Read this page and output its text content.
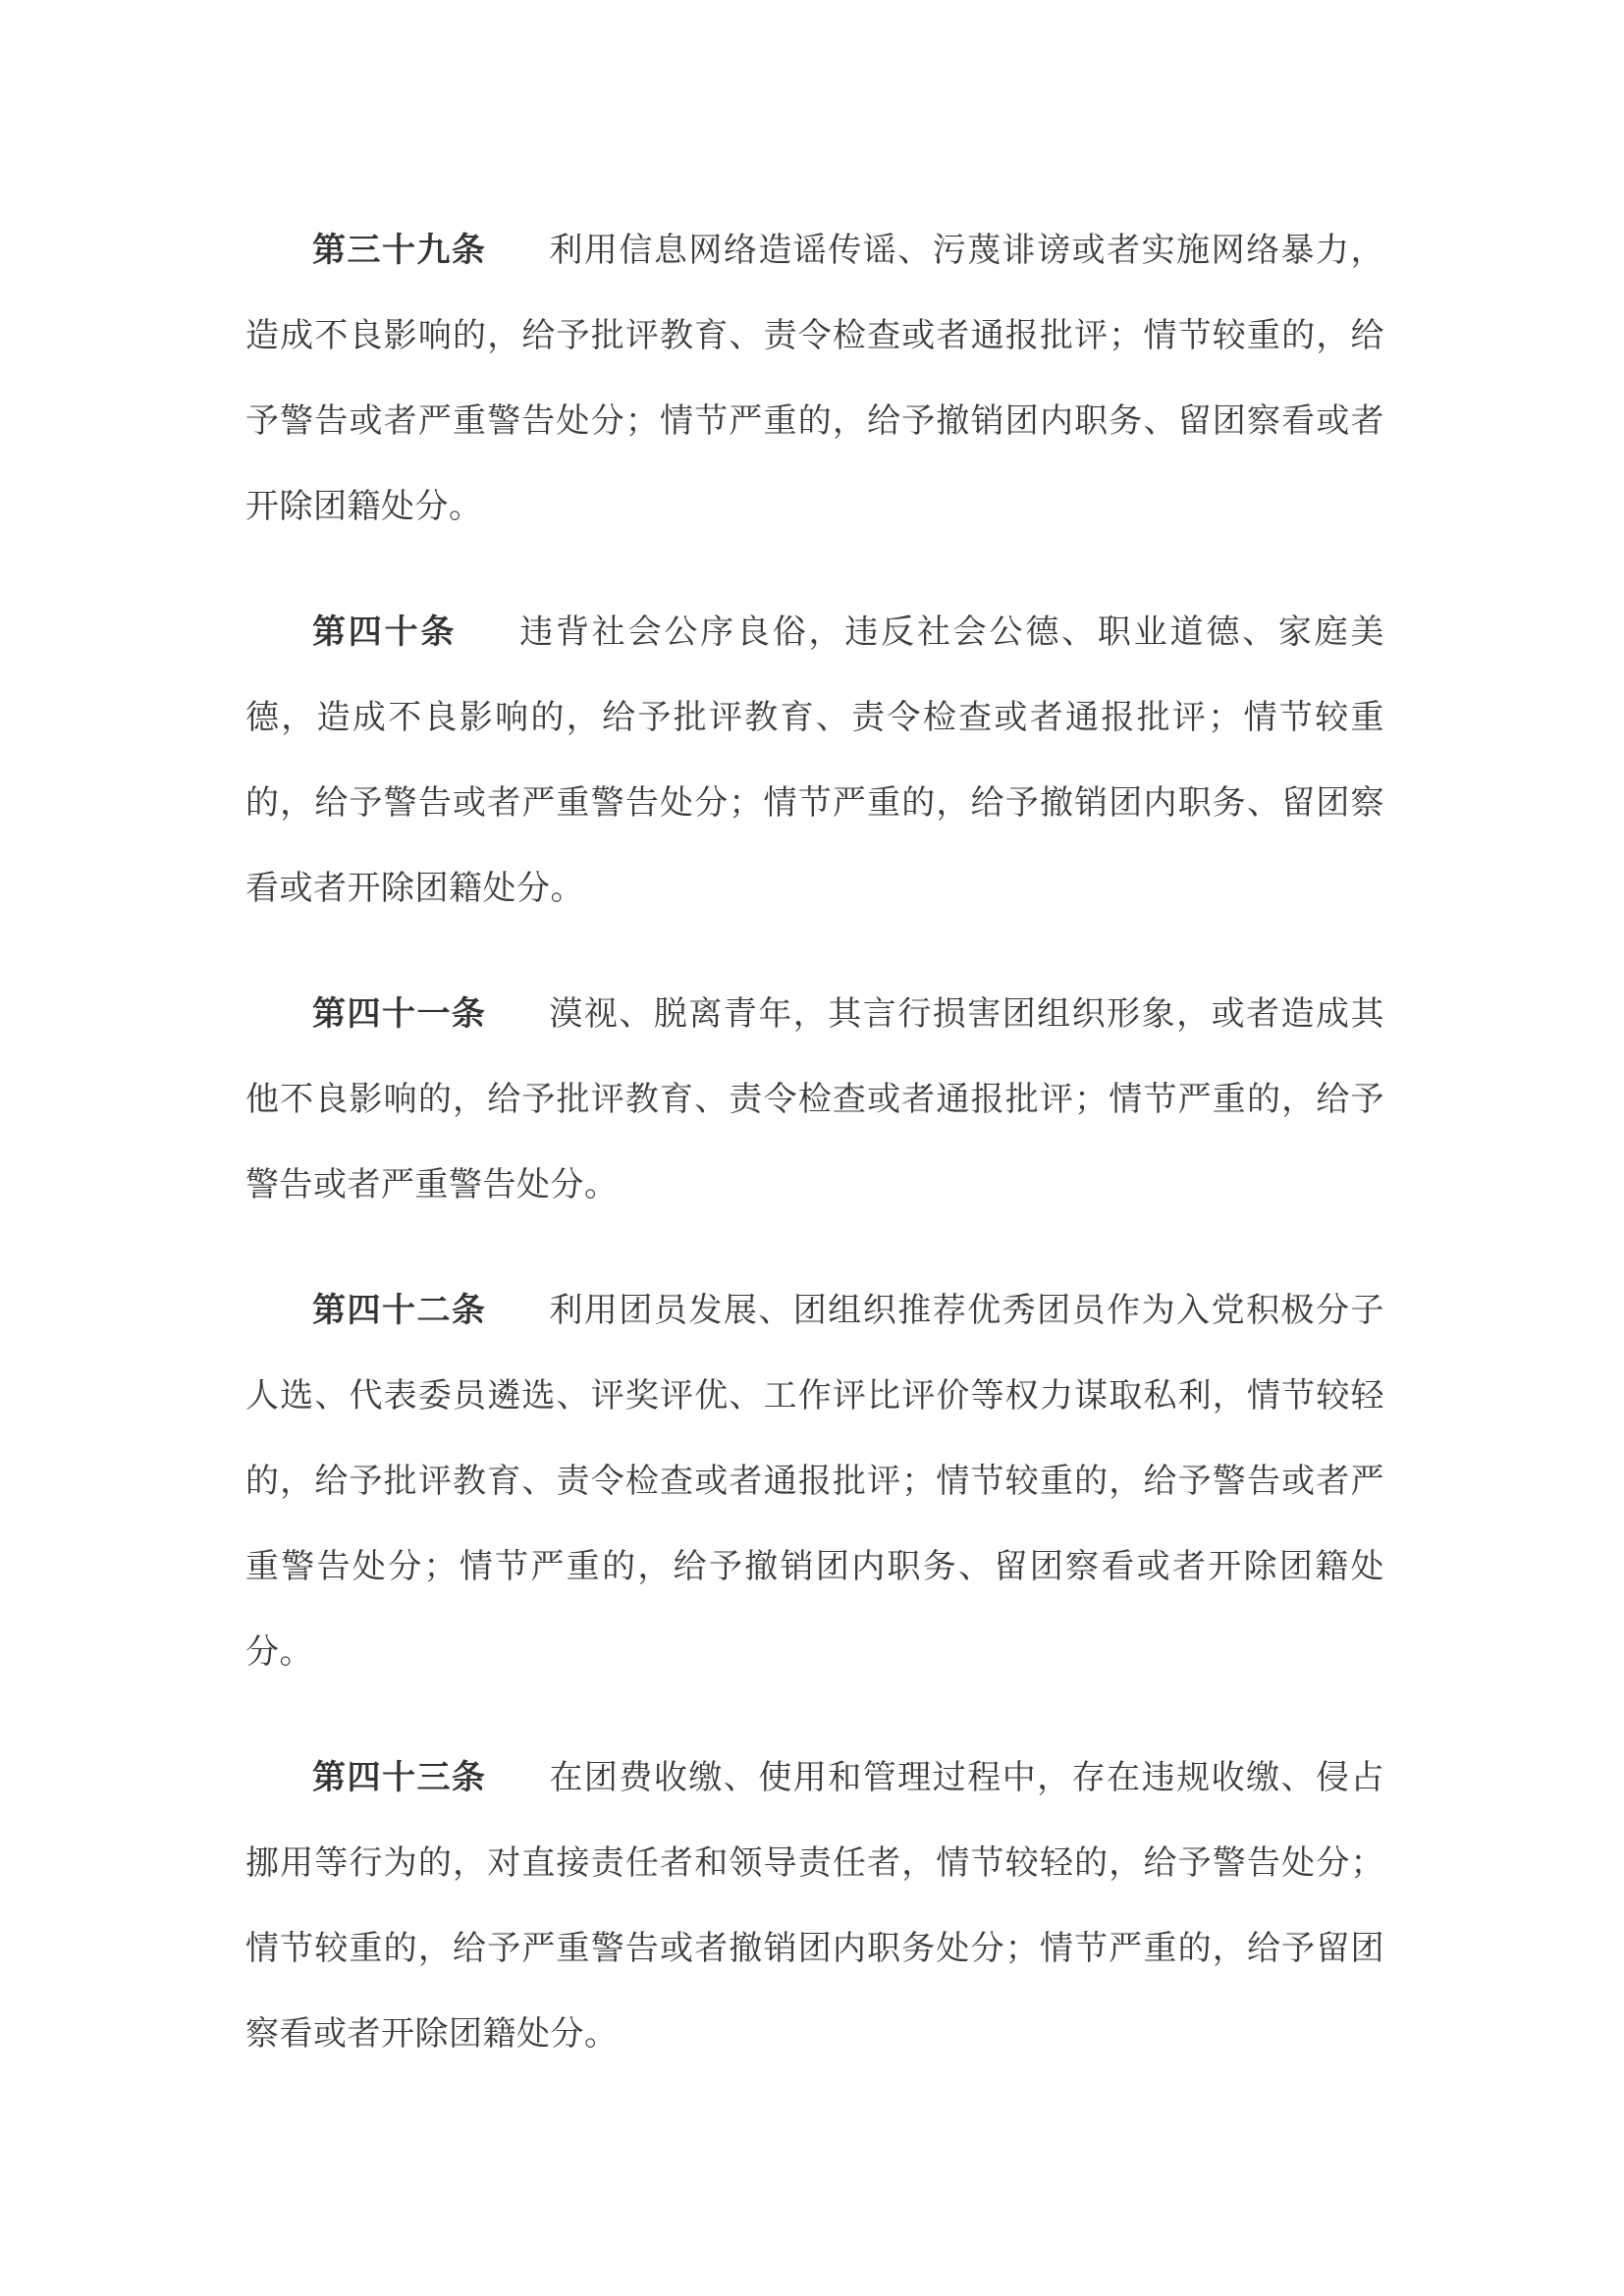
第三十九条 利用信息网络造谣传谣、污蔑诽谤或者实施网络暴力，造成不良影响的，给予批评教育、责令检查或者通报批评；情节较重的，给予警告或者严重警告处分；情节严重的，给予撤销团内职务、留团察看或者开除团籍处分。

第四十条 违背社会公序良俗，违反社会公德、职业道德、家庭美德，造成不良影响的，给予批评教育、责令检查或者通报批评；情节较重的，给予警告或者严重警告处分；情节严重的，给予撤销团内职务、留团察看或者开除团籍处分。

第四十一条 漠视、脱离青年，其言行损害团组织形象，或者造成其他不良影响的，给予批评教育、责令检查或者通报批评；情节严重的，给予警告或者严重警告处分。

第四十二条 利用团员发展、团组织推荐优秀团员作为入党积极分子人选、代表委员遴选、评奖评优、工作评比评价等权力谋取私利，情节较轻的，给予批评教育、责令检查或者通报批评；情节较重的，给予警告或者严重警告处分；情节严重的，给予撤销团内职务、留团察看或者开除团籍处分。

第四十三条 在团费收缴、使用和管理过程中，存在违规收缴、侵占挪用等行为的，对直接责任者和领导责任者，情节较轻的，给予警告处分；情节较重的，给予严重警告或者撤销团内职务处分；情节严重的，给予留团察看或者开除团籍处分。
